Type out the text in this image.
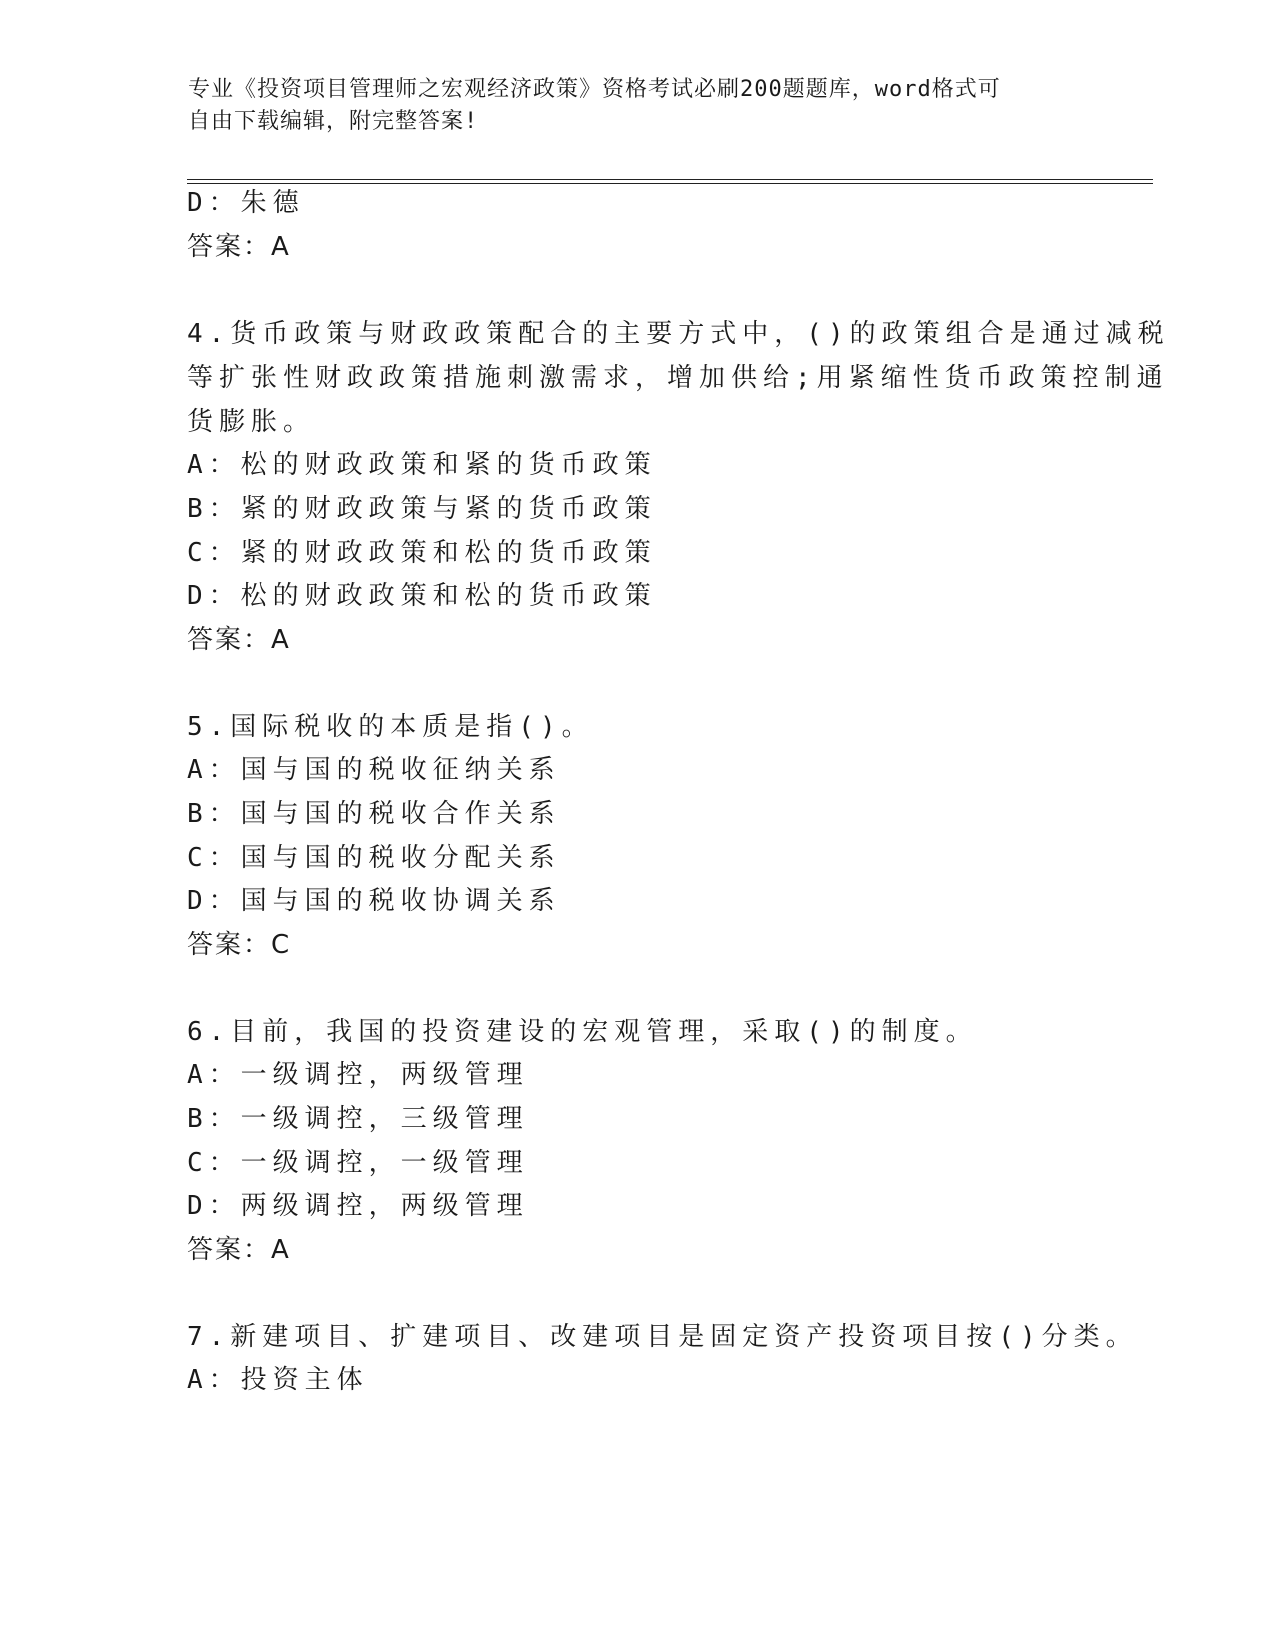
专业《投资项目管理师之宏观经济政策》资格考试必刷200题题库，word格式可
自由下载编辑，附完整答案!
D：朱德
答案：A
4.货币政策与财政政策配合的主要方式中，()的政策组合是通过减税
等扩张性财政政策措施刺激需求，增加供给;用紧缩性货币政策控制通
货膨胀。
A：松的财政政策和紧的货币政策
B：紧的财政政策与紧的货币政策
C：紧的财政政策和松的货币政策
D：松的财政政策和松的货币政策
答案：A
5.国际税收的本质是指()。
A：国与国的税收征纳关系
B：国与国的税收合作关系
C：国与国的税收分配关系
D：国与国的税收协调关系
答案：C
6.目前，我国的投资建设的宏观管理，采取()的制度。
A：一级调控，两级管理
B：一级调控，三级管理
C：一级调控，一级管理
D：两级调控，两级管理
答案：A
7.新建项目、扩建项目、改建项目是固定资产投资项目按()分类。
A：投资主体
